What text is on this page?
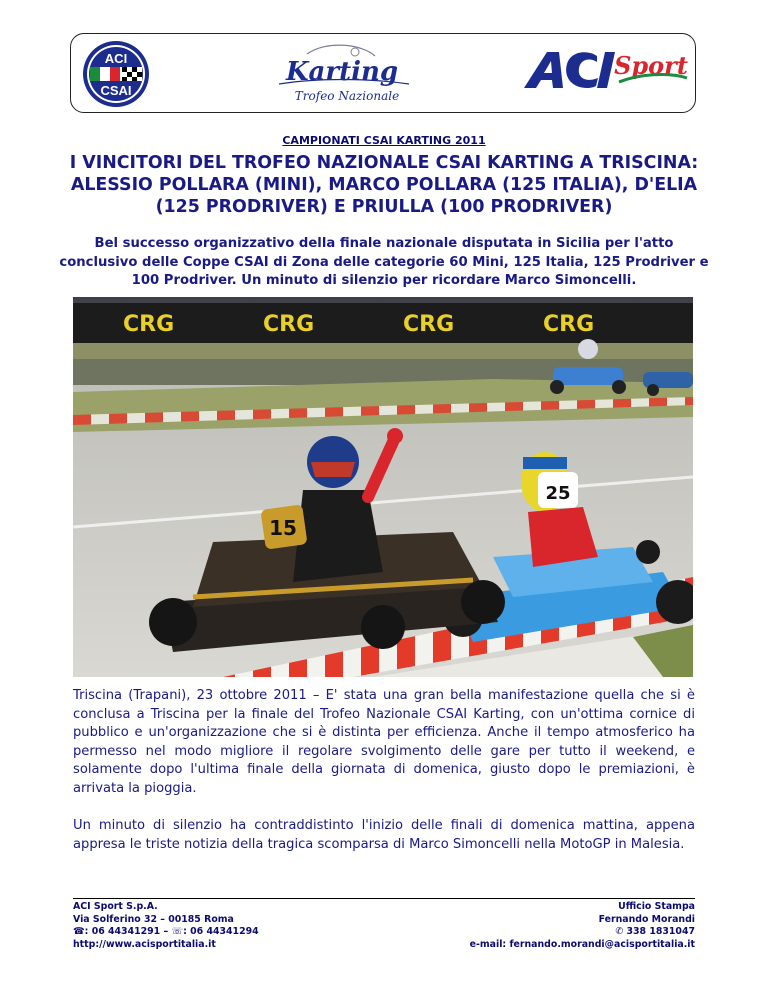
ACI
CSAI
Karting
Trofeo Nazionale
Sport
CAMPIONATI CSAI KARTING 2011
I VINCITORI DEL TROFEO NAZIONALE CSAI KARTING A TRISCINA: ALESSIO POLLARA (MINI), MARCO POLLARA (125 ITALIA), D'ELIA (125 PRODRIVER) E PRIULLA (100 PRODRIVER)

Bel successo organizzativo della finale nazionale disputata in Sicilia per l'atto conclusivo delle Coppe CSAI di Zona delle categorie 60 Mini, 125 Italia, 125 Prodriver e 100 Prodriver. Un minuto di silenzio per ricordare Marco Simoncelli.

CRG	CRG	CRG	CRG
25
15

Triscina (Trapani), 23 ottobre 2011 – E' stata una gran bella manifestazione quella che si è conclusa a Triscina per la finale del Trofeo Nazionale CSAI Karting, con un'ottima cornice di pubblico e un'organizzazione che si è distinta per efficienza. Anche il tempo atmosferico ha permesso nel modo migliore il regolare svolgimento delle gare per tutto il weekend, e solamente dopo l'ultima finale della giornata di domenica, giusto dopo le premiazioni, è arrivata la pioggia.

Un minuto di silenzio ha contraddistinto l'inizio delle finali di domenica mattina, appena appresa le triste notizia della tragica scomparsa di Marco Simoncelli nella MotoGP in Malesia.

ACI Sport S.p.A.
Via Solferino 32 – 00185 Roma
☎: 06 44341291 – ☏: 06 44341294
http://www.acisportitalia.it
Ufficio Stampa
Fernando Morandi
✆ 338 1831047
e-mail: fernando.morandi@acisportitalia.it
